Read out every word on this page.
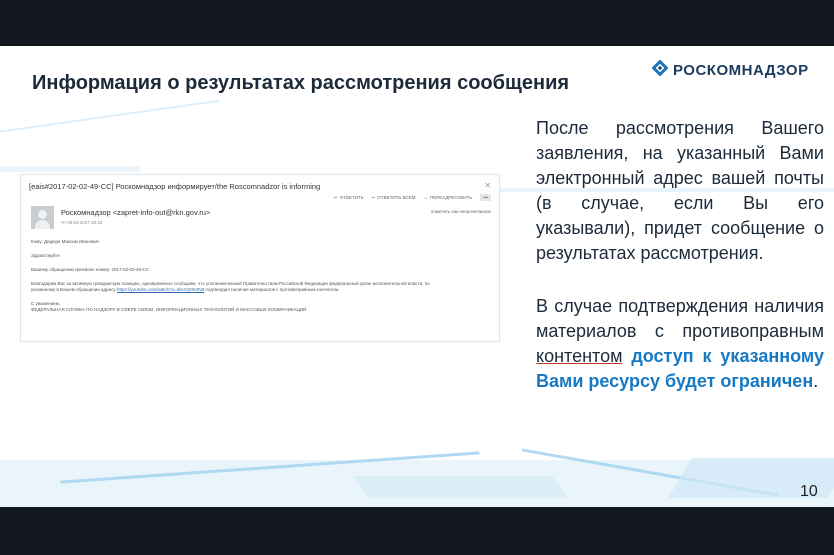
Информация о результатах рассмотрения сообщения
РОСКОМНАДЗОР
[eais#2017-02-02-49-CC] Роскомнадзор информирует/the Roscomnadzor is informing	✕
↩ ОТВЕТИТЬ ↩ ОТВЕТИТЬ ВСЕМ → ПЕРЕАДРЕСОВАТЬ	•••
пометить как непрочитанное
Роскомнадзор <zapret-info-out@rkn.gov.ru>
Чт 09.03.2017 20:34
Кому: Дедюря Максим Иванович
Здравствуйте
Вашему обращению присвоен номер: 2017-02-02-49-CC
Благодарим Вас за активную гражданскую позицию, одновременно сообщаем, что уполномоченный Правительством Российской Федерации федеральный орган исполнительной власти, по
указанному в Вашем обращении адресу https://youtube.com/watch?v=abcXQ0K3N8 подтвердил наличие материалов с противоправным контентом.
С уважением,
ФЕДЕРАЛЬНАЯ СЛУЖБА ПО НАДЗОРУ В СФЕРЕ СВЯЗИ, ИНФОРМАЦИОННЫХ ТЕХНОЛОГИЙ И МАССОВЫХ КОММУНИКАЦИЙ.
После рассмотрения Вашего заявления, на указанный Вами электронный адрес вашей почты (в случае, если Вы его указывали), придет сообщение о результатах рассмотрения.
В случае подтверждения наличия материалов с противоправным контентом доступ к указанному Вами ресурсу будет ограничен.
10
